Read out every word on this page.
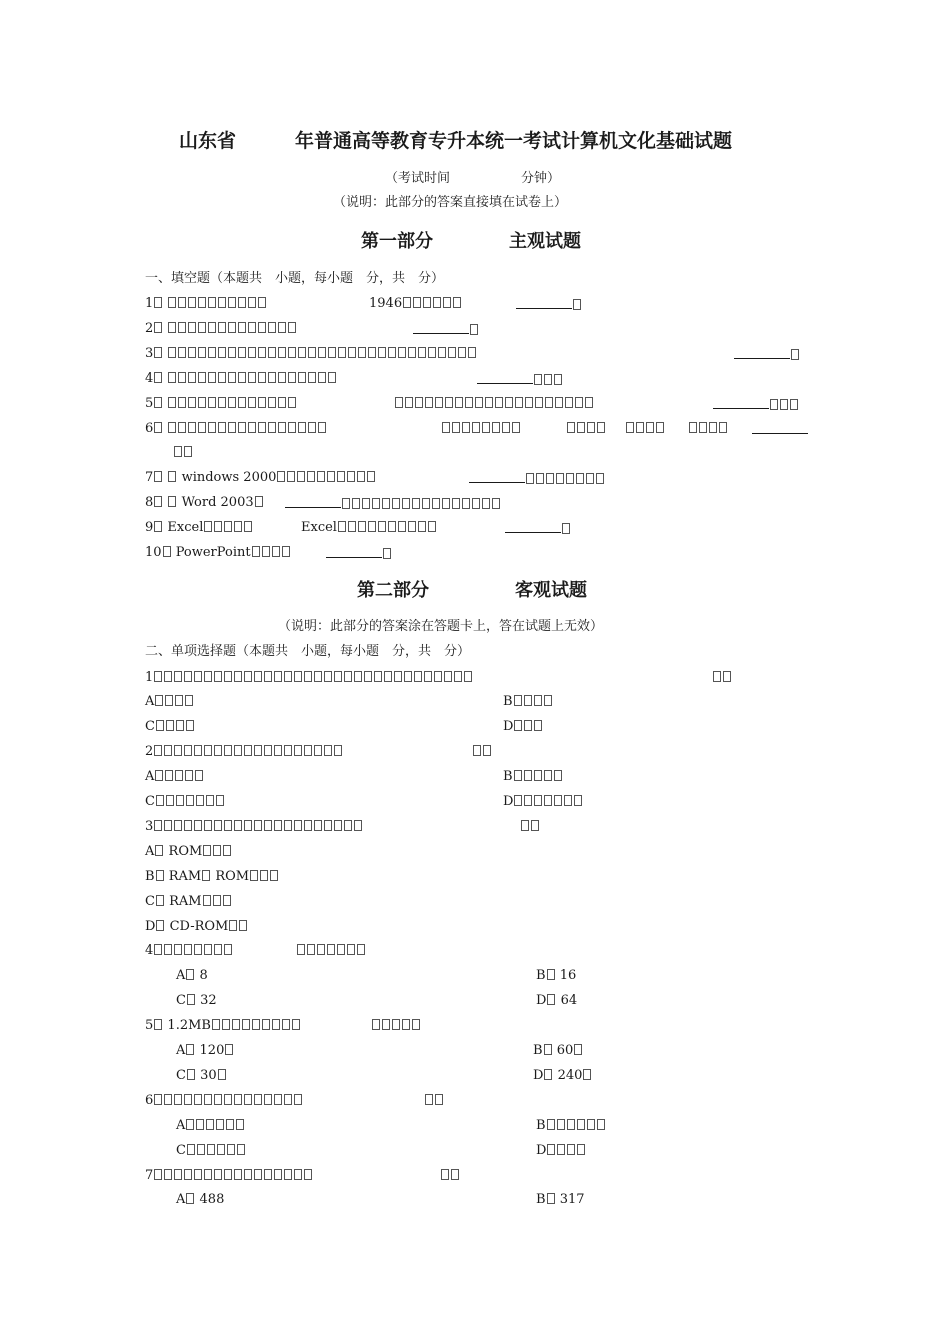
山东省	年普通高等教育专升本统一考试计算机文化基础试题
（考试时间	分钟）
（说明：此部分的答案直接填在试卷上）
第一部分	主观试题
一、填空题（本题共　小题，每小题　分，共　分）
1	1946
2
3
4
5
6
7 windows 2000
8 Word 2003
9 Excel	Excel
10 PowerPoint
第二部分	客观试题
（说明：此部分的答案涂在答题卡上，答在试题上无效）
二、单项选择题（本题共　小题，每小题　分，共　分）
1
A	B
C	D
2
A	B
C	D
3
A ROM
B RAM ROM
C RAM
D CD-ROM
4
A 8	B 16
C 32	D 64
5 1.2MB
A 120	B 60
C 30	D 240
6
A	B
C	D
7
A 488	B 317
